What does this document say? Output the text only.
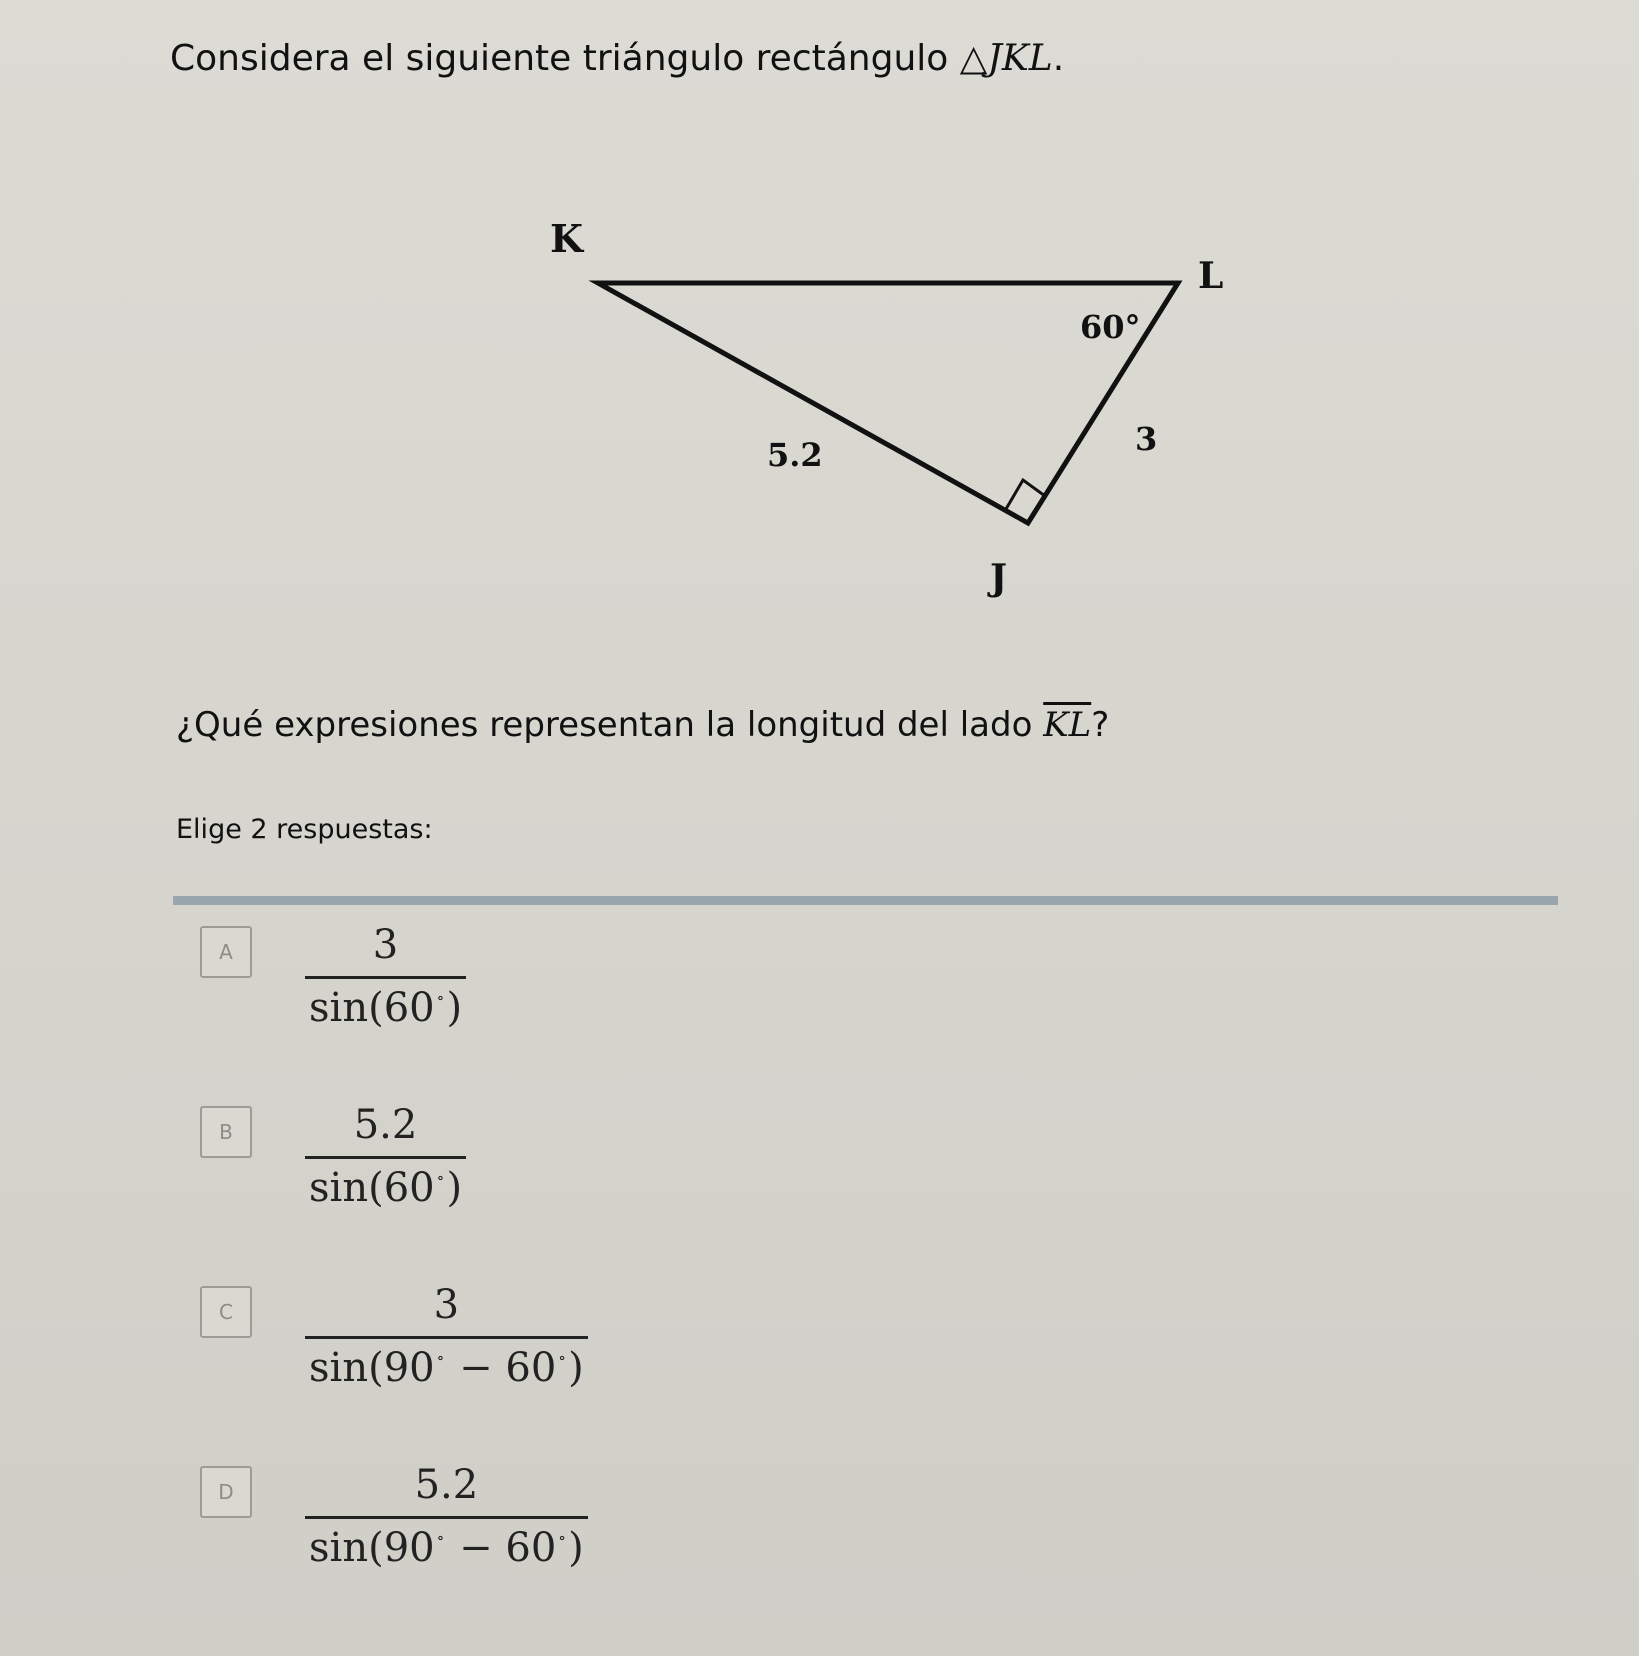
Considera el siguiente triángulo rectángulo △JKL.
K
L
J
5.2	3
60°
¿Qué expresiones representan la longitud del lado $\overline{KL}$?
Elige 2 respuestas:
A	3
sin(60 ∘)
B	5.2
sin(60 ∘)
C	3
sin(90 ∘ − 60 ∘)
D	5.2
sin(90 ∘ − 60 ∘)
